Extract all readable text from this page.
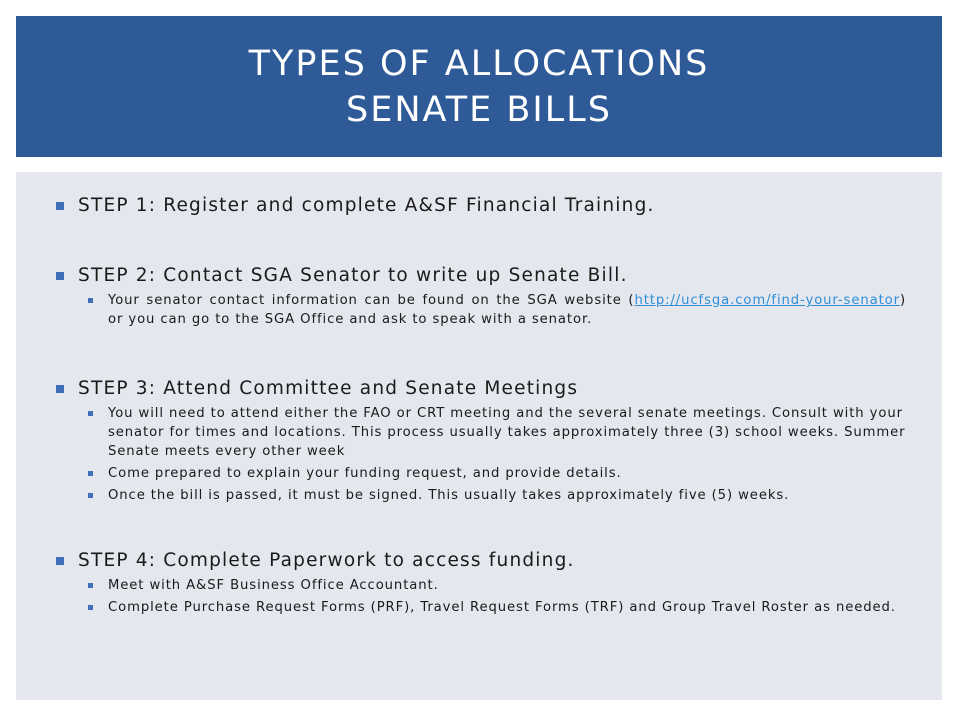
TYPES OF ALLOCATIONS
SENATE BILLS
STEP 1: Register and complete A&SF Financial Training.
STEP 2: Contact SGA Senator to write up Senate Bill.
Your senator contact information can be found on the SGA website (http://ucfsga.com/find-your-senator) or you can go to the SGA Office and ask to speak with a senator.
STEP 3: Attend Committee and Senate Meetings
You will need to attend either the FAO or CRT meeting and the several senate meetings. Consult with your senator for times and locations. This process usually takes approximately three (3) school weeks. Summer Senate meets every other week
Come prepared to explain your funding request, and provide details.
Once the bill is passed, it must be signed. This usually takes approximately five (5) weeks.
STEP 4: Complete Paperwork to access funding.
Meet with A&SF Business Office Accountant.
Complete Purchase Request Forms (PRF), Travel Request Forms (TRF) and Group Travel Roster as needed.
